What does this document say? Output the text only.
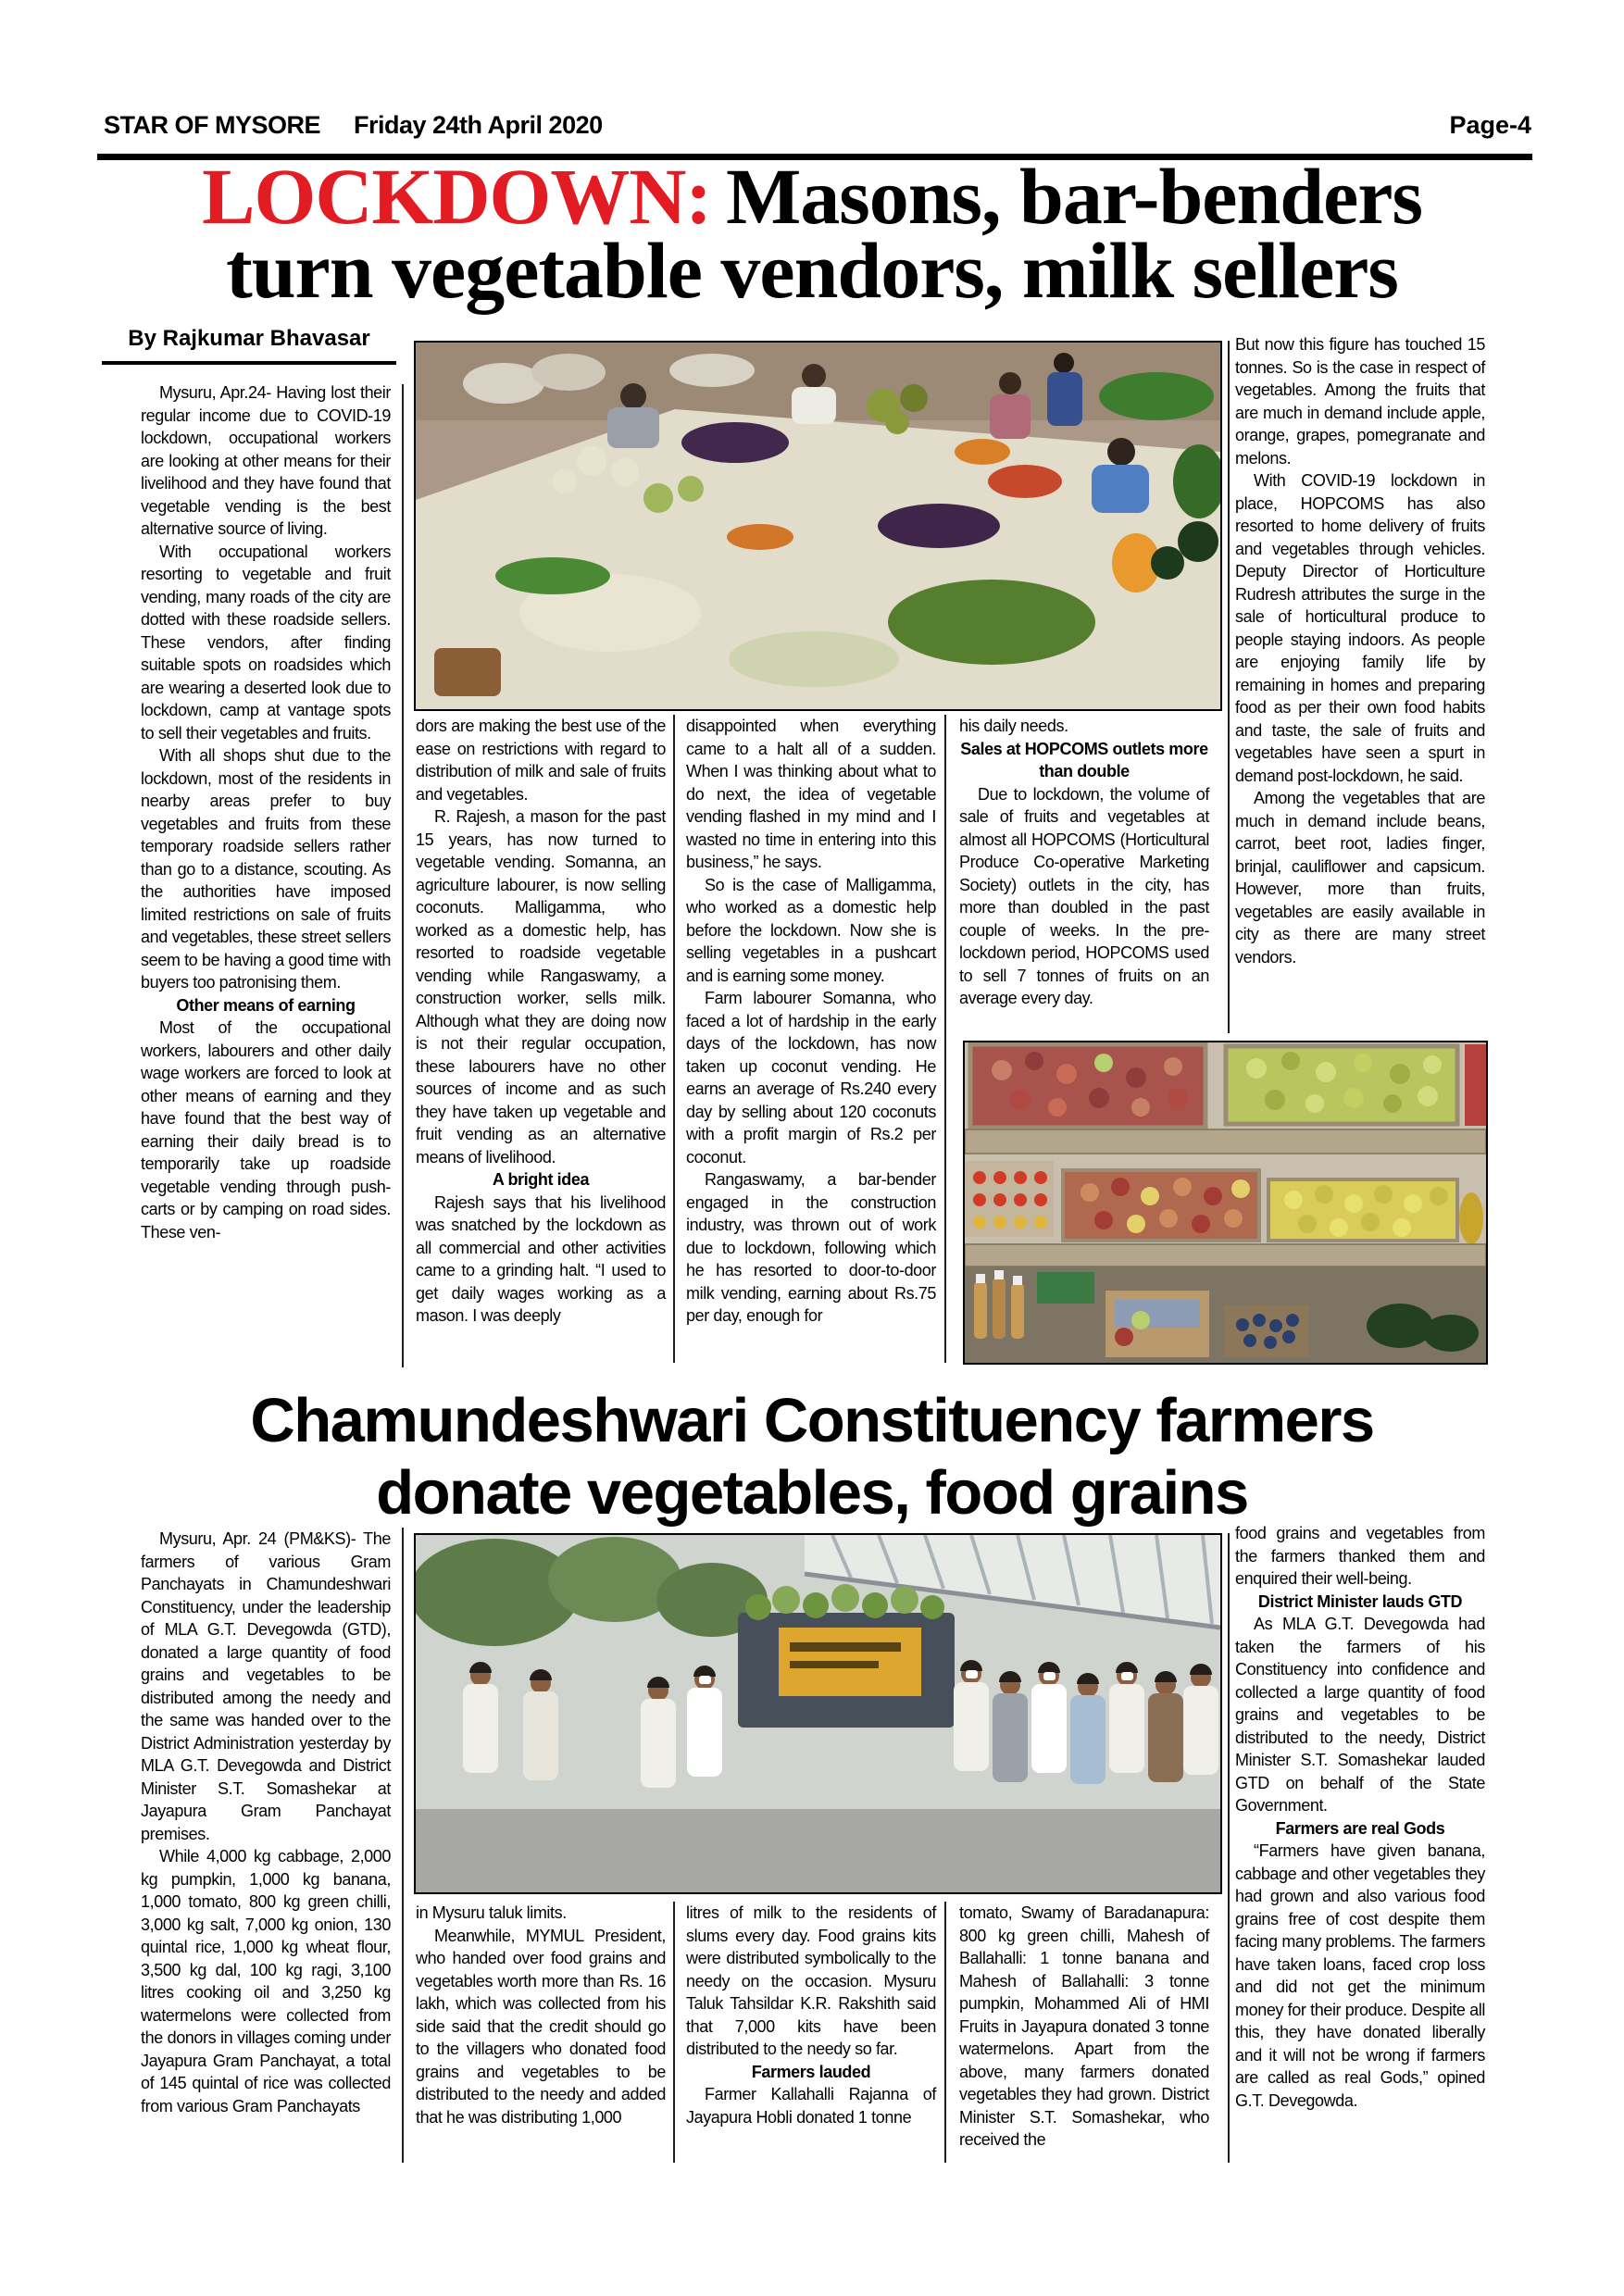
STAR OF MYSORE Friday 24th April 2020	Page-4
LOCKDOWN: Masons, bar-benders
turn vegetable vendors, milk sellers
By Rajkumar Bhavasar

Mysuru, Apr.24- Having lost their regular income due to COVID-19 lockdown, occupational workers are looking at other means for their livelihood and they have found that vegetable vending is the best alternative source of living.

With occupational workers resorting to vegetable and fruit vending, many roads of the city are dotted with these roadside sellers. These vendors, after finding suitable spots on roadsides which are wearing a deserted look due to lockdown, camp at vantage spots to sell their vegetables and fruits.

With all shops shut due to the lockdown, most of the residents in nearby areas prefer to buy vegetables and fruits from these temporary roadside sellers rather than go to a distance, scouting. As the authorities have imposed limited restrictions on sale of fruits and vegetables, these street sellers seem to be having a good time with buyers too patronising them.

Other means of earning

Most of the occupational workers, labourers and other daily wage workers are forced to look at other means of earning and they have found that the best way of earning their daily bread is to temporarily take up roadside vegetable vending through push-carts or by camping on road sides. These ven-

dors are making the best use of the ease on restrictions with regard to distribution of milk and sale of fruits and vegetables.

R. Rajesh, a mason for the past 15 years, has now turned to vegetable vending. Somanna, an agriculture labourer, is now selling coconuts. Malligamma, who worked as a domestic help, has resorted to roadside vegetable vending while Rangaswamy, a construction worker, sells milk. Although what they are doing now is not their regular occupation, these labourers have no other sources of income and as such they have taken up vegetable and fruit vending as an alternative means of livelihood.

A bright idea

Rajesh says that his livelihood was snatched by the lockdown as all commercial and other activities came to a grinding halt. “I used to get daily wages working as a mason. I was deeply

disappointed when everything came to a halt all of a sudden. When I was thinking about what to do next, the idea of vegetable vending flashed in my mind and I wasted no time in entering into this business,” he says.

So is the case of Malligamma, who worked as a domestic help before the lockdown. Now she is selling vegetables in a pushcart and is earning some money.

Farm labourer Somanna, who faced a lot of hardship in the early days of the lockdown, has now taken up coconut vending. He earns an average of Rs.240 every day by selling about 120 coconuts with a profit margin of Rs.2 per coconut.

Rangaswamy, a bar-bender engaged in the construction industry, was thrown out of work due to lockdown, following which he has resorted to door-to-door milk vending, earning about Rs.75 per day, enough for

his daily needs.

Sales at HOPCOMS outlets more than double

Due to lockdown, the volume of sale of fruits and vegetables at almost all HOPCOMS (Horticultural Produce Co-operative Marketing Society) outlets in the city, has more than doubled in the past couple of weeks. In the pre-lockdown period, HOPCOMS used to sell 7 tonnes of fruits on an average every day.

But now this figure has touched 15 tonnes. So is the case in respect of vegetables. Among the fruits that are much in demand include apple, orange, grapes, pomegranate and melons.

With COVID-19 lockdown in place, HOPCOMS has also resorted to home delivery of fruits and vegetables through vehicles. Deputy Director of Horticulture Rudresh attributes the surge in the sale of horticultural produce to people staying indoors. As people are enjoying family life by remaining in homes and preparing food as per their own food habits and taste, the sale of fruits and vegetables have seen a spurt in demand post-lockdown, he said.

Among the vegetables that are much in demand include beans, carrot, beet root, ladies finger, brinjal, cauliflower and capsicum. However, more than fruits, vegetables are easily available in city as there are many street vendors.

Chamundeshwari Constituency farmers
donate vegetables, food grains

Mysuru, Apr. 24 (PM&KS)- The farmers of various Gram Panchayats in Chamundeshwari Constituency, under the leadership of MLA G.T. Devegowda (GTD), donated a large quantity of food grains and vegetables to be distributed among the needy and the same was handed over to the District Administration yesterday by MLA G.T. Devegowda and District Minister S.T. Somashekar at Jayapura Gram Panchayat premises.

While 4,000 kg cabbage, 2,000 kg pumpkin, 1,000 kg banana, 1,000 tomato, 800 kg green chilli, 3,000 kg salt, 7,000 kg onion, 130 quintal rice, 1,000 kg wheat flour, 3,500 kg dal, 100 kg ragi, 3,100 litres cooking oil and 3,250 kg watermelons were collected from the donors in villages coming under Jayapura Gram Panchayat, a total of 145 quintal of rice was collected from various Gram Panchayats

in Mysuru taluk limits.

Meanwhile, MYMUL President, who handed over food grains and vegetables worth more than Rs. 16 lakh, which was collected from his side said that the credit should go to the villagers who donated food grains and vegetables to be distributed to the needy and added that he was distributing 1,000

litres of milk to the residents of slums every day. Food grains kits were distributed symbolically to the needy on the occasion. Mysuru Taluk Tahsildar K.R. Rakshith said that 7,000 kits have been distributed to the needy so far.

Farmers lauded

Farmer Kallahalli Rajanna of Jayapura Hobli donated 1 tonne

tomato, Swamy of Baradanapura: 800 kg green chilli, Mahesh of Ballahalli: 1 tonne banana and Mahesh of Ballahalli: 3 tonne pumpkin, Mohammed Ali of HMI Fruits in Jayapura donated 3 tonne watermelons. Apart from the above, many farmers donated vegetables they had grown. District Minister S.T. Somashekar, who received the

food grains and vegetables from the farmers thanked them and enquired their well-being.

District Minister lauds GTD

As MLA G.T. Devegowda had taken the farmers of his Constituency into confidence and collected a large quantity of food grains and vegetables to be distributed to the needy, District Minister S.T. Somashekar lauded GTD on behalf of the State Government.

Farmers are real Gods

“Farmers have given banana, cabbage and other vegetables they had grown and also various food grains free of cost despite them facing many problems. The farmers have taken loans, faced crop loss and did not get the minimum money for their produce. Despite all this, they have donated liberally and it will not be wrong if farmers are called as real Gods,” opined G.T. Devegowda.
